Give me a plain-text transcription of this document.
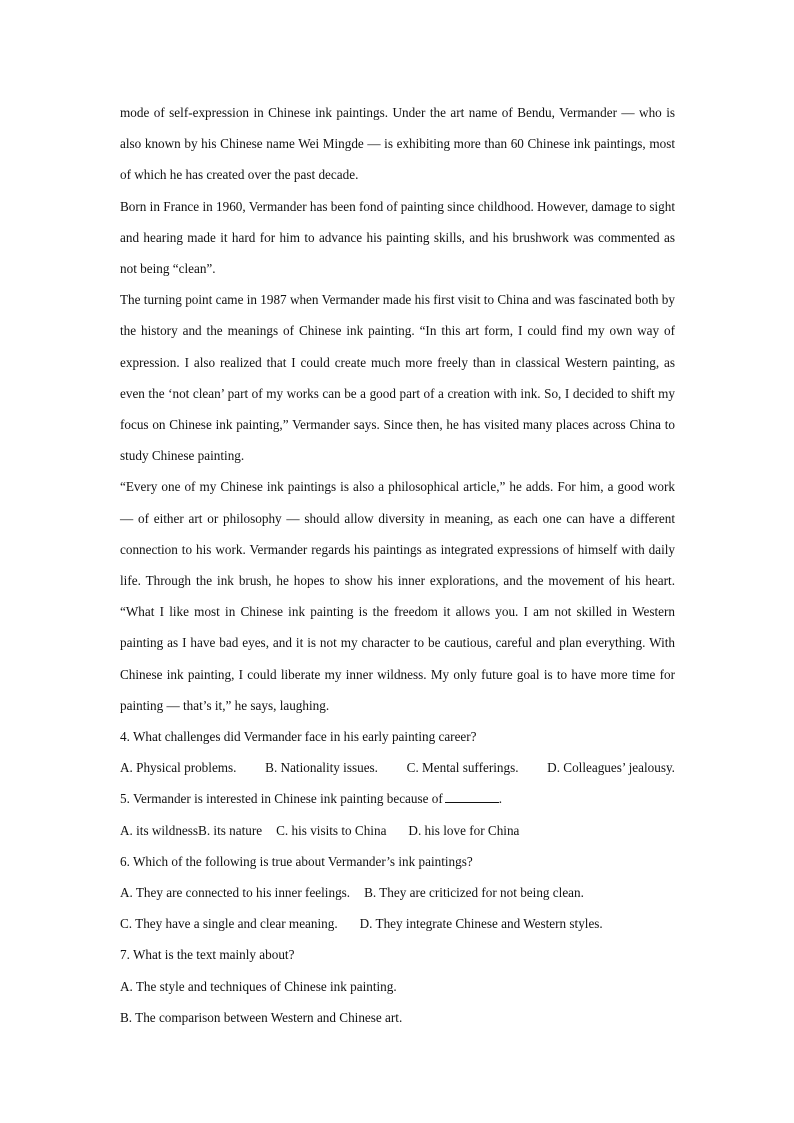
mode of self-expression in Chinese ink paintings. Under the art name of Bendu, Vermander — who is also known by his Chinese name Wei Mingde — is exhibiting more than 60 Chinese ink paintings, most of which he has created over the past decade.

Born in France in 1960, Vermander has been fond of painting since childhood. However, damage to sight and hearing made it hard for him to advance his painting skills, and his brushwork was commented as not being “clean”.

The turning point came in 1987 when Vermander made his first visit to China and was fascinated both by the history and the meanings of Chinese ink painting. “In this art form, I could find my own way of expression. I also realized that I could create much more freely than in classical Western painting, as even the ‘not clean’ part of my works can be a good part of a creation with ink. So, I decided to shift my focus on Chinese ink painting,” Vermander says. Since then, he has visited many places across China to study Chinese painting.

“Every one of my Chinese ink paintings is also a philosophical article,” he adds. For him, a good work — of either art or philosophy — should allow diversity in meaning, as each one can have a different connection to his work. Vermander regards his paintings as integrated expressions of himself with daily life. Through the ink brush, he hopes to show his inner explorations, and the movement of his heart. “What I like most in Chinese ink painting is the freedom it allows you. I am not skilled in Western painting as I have bad eyes, and it is not my character to be cautious, careful and plan everything. With Chinese ink painting, I could liberate my inner wildness. My only future goal is to have more time for painting — that’s it,” he says, laughing.

4. What challenges did Vermander face in his early painting career?

A. Physical problems. B. Nationality issues. C. Mental sufferings. D. Colleagues’ jealousy.

5. Vermander is interested in Chinese ink painting because of	.

A. its wildness B. its nature C. his visits to China D. his love for China

6. Which of the following is true about Vermander’s ink paintings?

A. They are connected to his inner feelings. B. They are criticized for not being clean.
C. They have a single and clear meaning. D. They integrate Chinese and Western styles.

7. What is the text mainly about?

A. The style and techniques of Chinese ink painting.

B. The comparison between Western and Chinese art.
